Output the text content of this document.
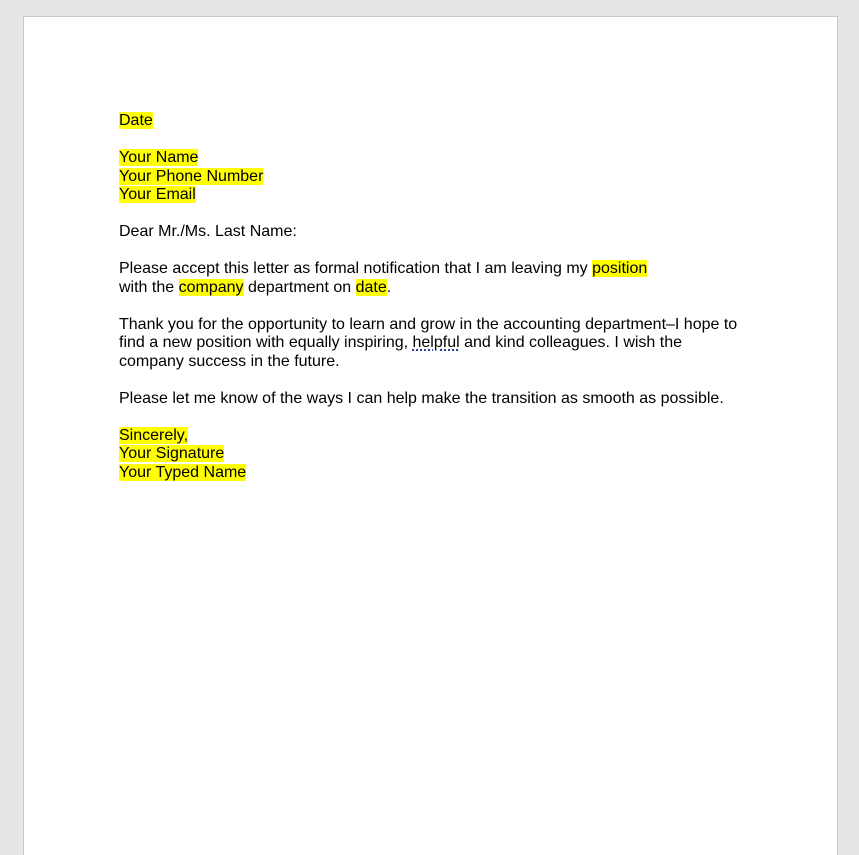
Date

Your Name
Your Phone Number
Your Email

Dear Mr./Ms. Last Name:

Please accept this letter as formal notification that I am leaving my position
with the company department on date.

Thank you for the opportunity to learn and grow in the accounting department–I hope to
find a new position with equally inspiring, helpful and kind colleagues. I wish the
company success in the future.

Please let me know of the ways I can help make the transition as smooth as possible.

Sincerely,
Your Signature
Your Typed Name
